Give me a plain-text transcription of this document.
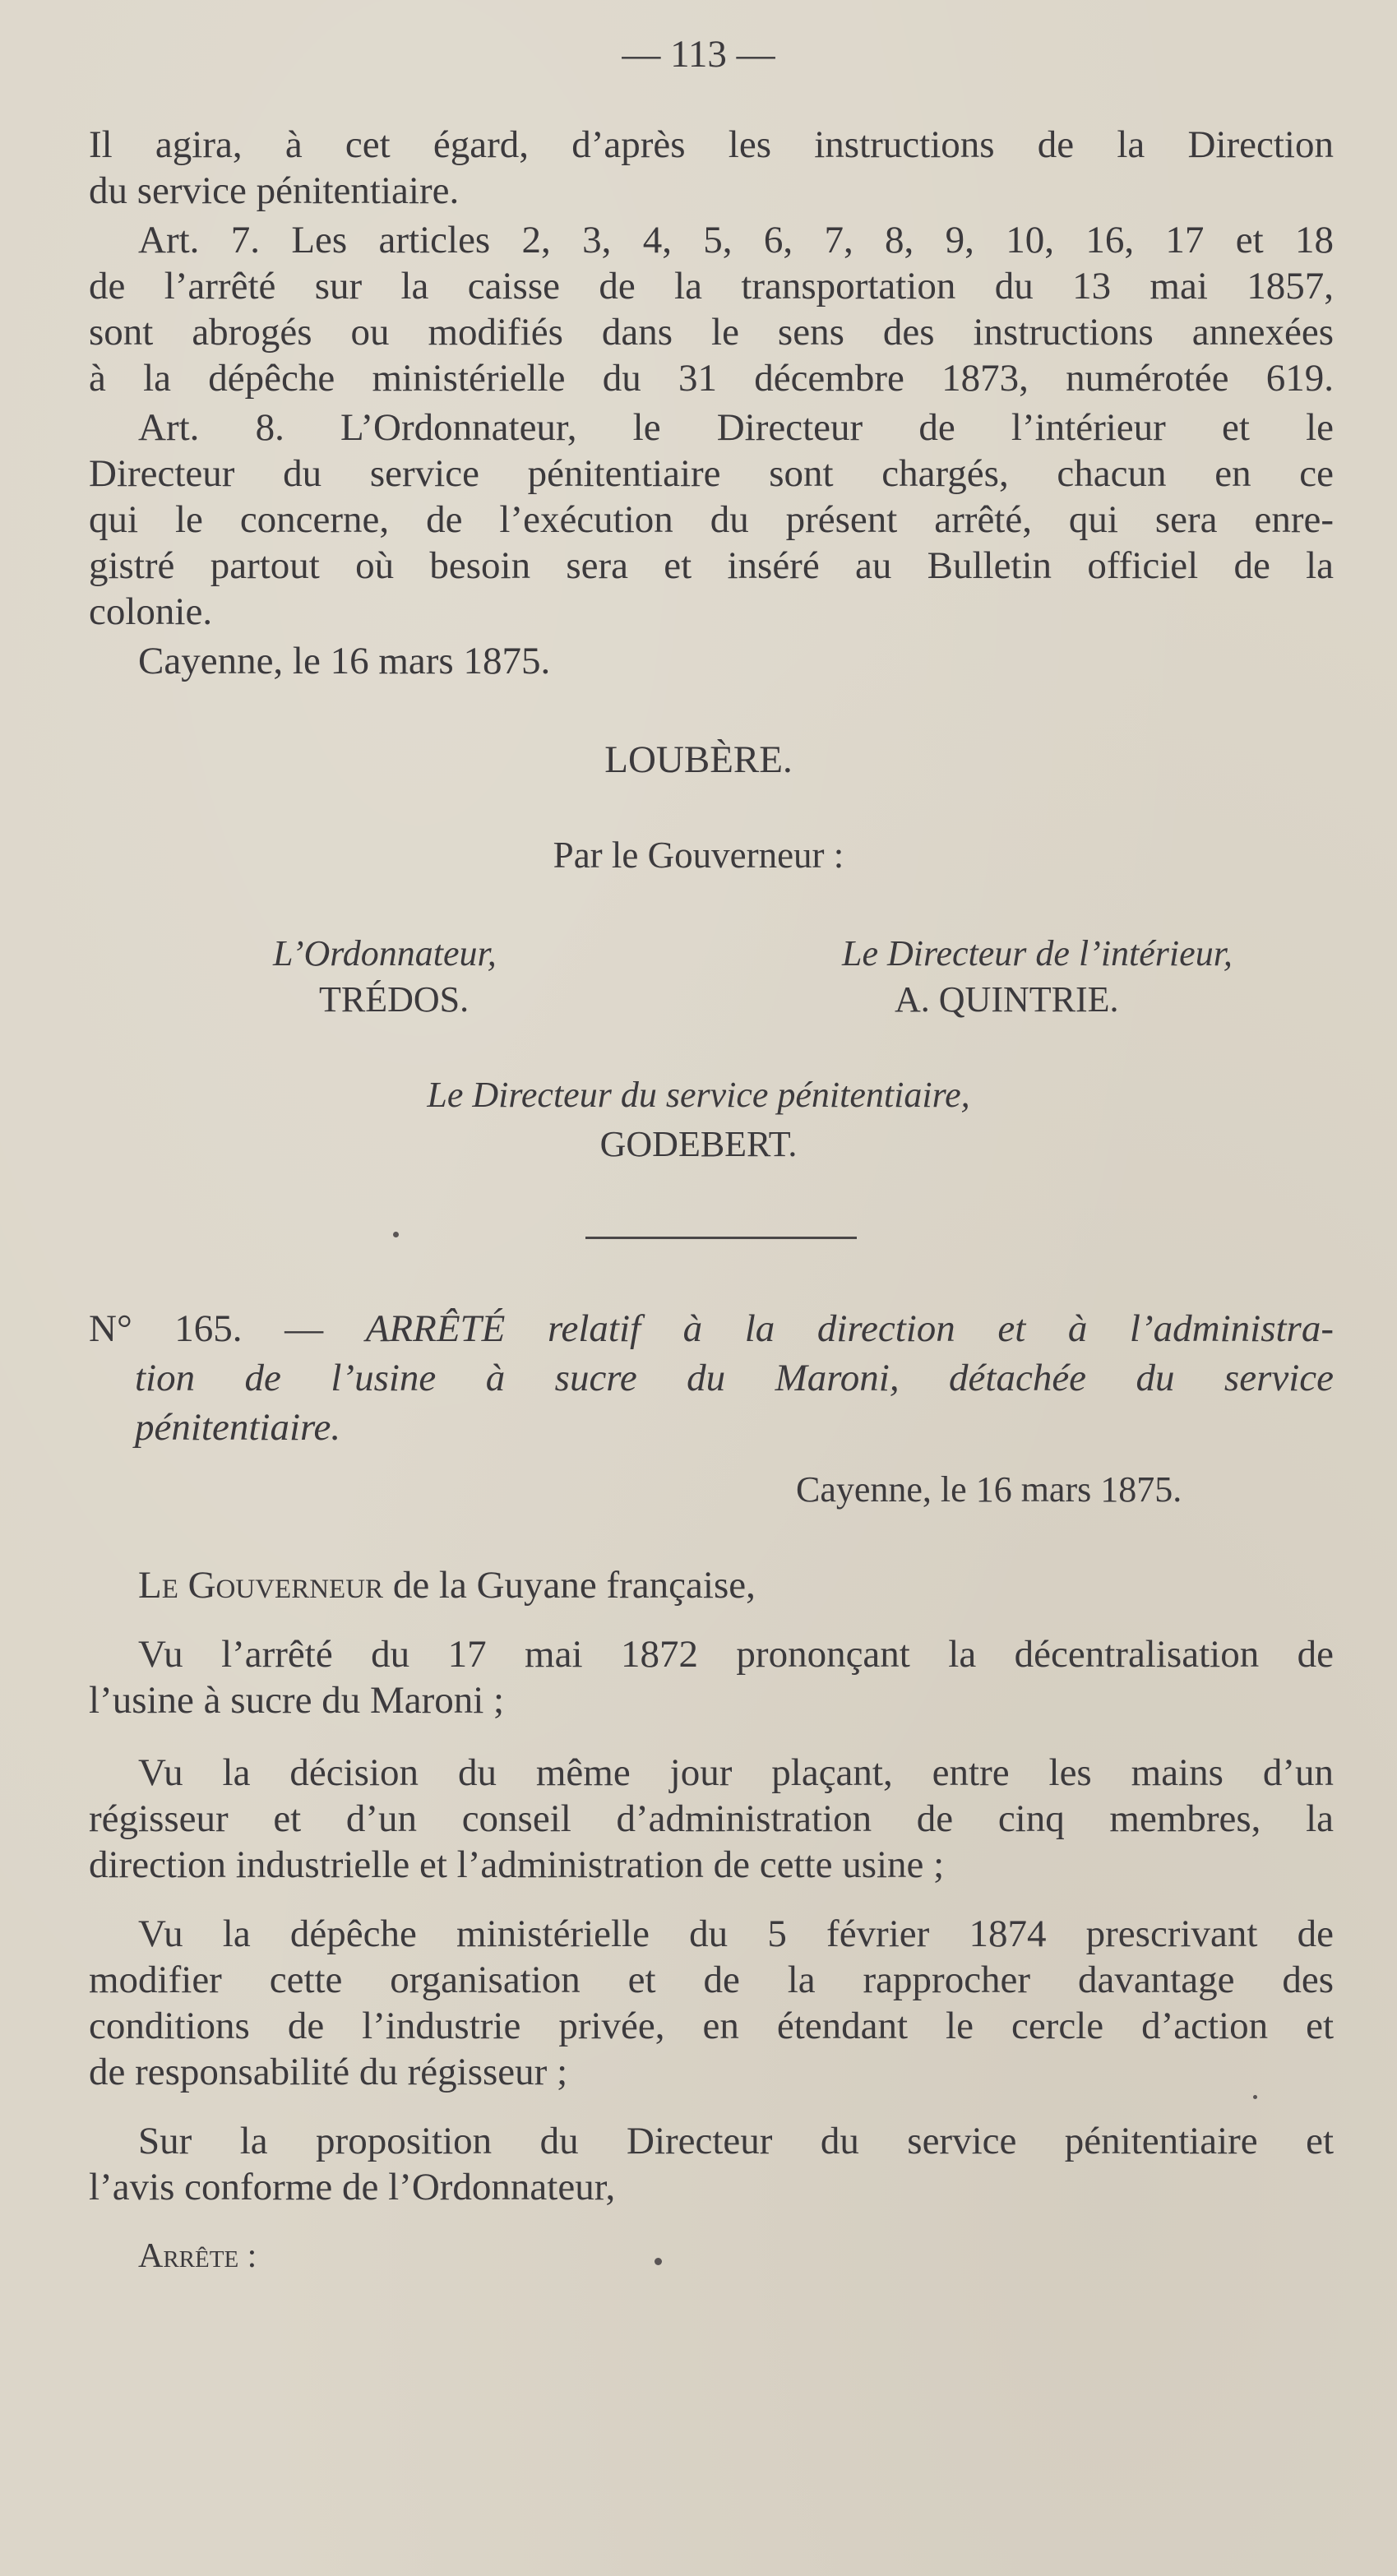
— 113 —
Il agira, à cet égard, d’après les instructions de la Direction
du service pénitentiaire.
Art. 7. Les articles 2, 3, 4, 5, 6, 7, 8, 9, 10, 16, 17 et 18
de l’arrêté sur la caisse de la transportation du 13 mai 1857,
sont abrogés ou modifiés dans le sens des instructions annexées
à la dépêche ministérielle du 31 décembre 1873, numérotée 619.
Art. 8. L’Ordonnateur, le Directeur de l’intérieur et le
Directeur du service pénitentiaire sont chargés, chacun en ce
qui le concerne, de l’exécution du présent arrêté, qui sera enre-
gistré partout où besoin sera et inséré au Bulletin officiel de la
colonie.
Cayenne, le 16 mars 1875.
LOUBÈRE.
Par le Gouverneur :
L’Ordonnateur,	Le Directeur de l’intérieur,
TRÉDOS.	A. QUINTRIE.
Le Directeur du service pénitentiaire,
GODEBERT.
N° 165. — ARRÊTÉ relatif à la direction et à l’administra-
tion de l’usine à sucre du Maroni, détachée du service
pénitentiaire.
Cayenne, le 16 mars 1875.
Le Gouverneur de la Guyane française,
Vu l’arrêté du 17 mai 1872 prononçant la décentralisation de
l’usine à sucre du Maroni ;
Vu la décision du même jour plaçant, entre les mains d’un
régisseur et d’un conseil d’administration de cinq membres, la
direction industrielle et l’administration de cette usine ;
Vu la dépêche ministérielle du 5 février 1874 prescrivant de
modifier cette organisation et de la rapprocher davantage des
conditions de l’industrie privée, en étendant le cercle d’action et
de responsabilité du régisseur ;
Sur la proposition du Directeur du service pénitentiaire et
l’avis conforme de l’Ordonnateur,
Arrête :
